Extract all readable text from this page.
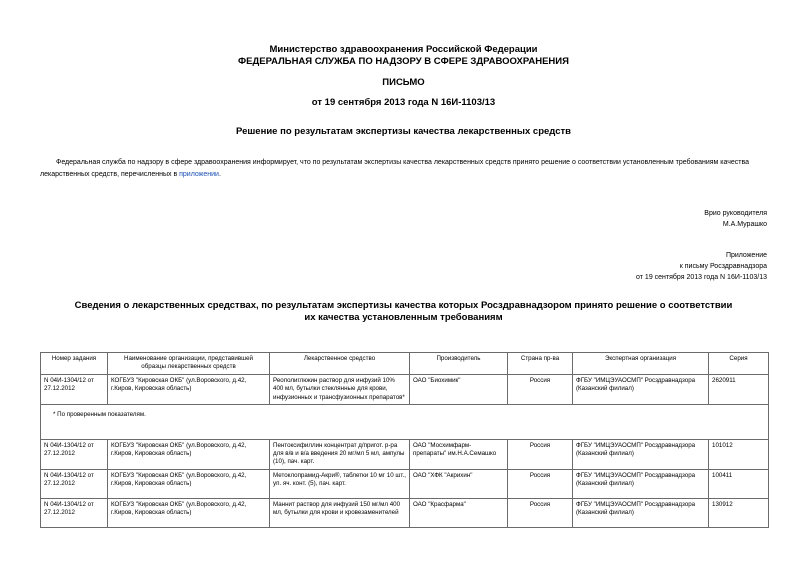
Министерство здравоохранения Российской Федерации
ФЕДЕРАЛЬНАЯ СЛУЖБА ПО НАДЗОРУ В СФЕРЕ ЗДРАВООХРАНЕНИЯ
ПИСЬМО
от 19 сентября 2013 года N 16И-1103/13
Решение по результатам экспертизы качества лекарственных средств
Федеральная служба по надзору в сфере здравоохранения информирует, что по результатам экспертизы качества лекарственных средств принято решение о соответствии установленным требованиям качества лекарственных средств, перечисленных в приложении.
Врио руководителя
М.А.Мурашко
Приложение
к письму Росздравнадзора
от 19 сентября 2013 года N 16И-1103/13
Сведения о лекарственных средствах, по результатам экспертизы качества которых Росздравнадзором принято решение о соответствии их качества установленным требованиям
Номер задания	Наименование организации, представившей образцы лекарственных средств	Лекарственное средство	Производитель	Страна пр-ва	Экспертная организация	Серия
N 04И-1304/12 от 27.12.2012	КОГБУЗ "Кировская ОКБ" (ул.Воровского, д.42, г.Киров, Кировская область)	Реополиглюкин раствор для инфузий 10% 400 мл, бутылки стеклянные для крови, инфузионных и трансфузионных препаратов*	ОАО "Биохимик"	Россия	ФГБУ "ИМЦЭУАОСМП" Росздравнадзора (Казанский филиал)	2620911
* По проверенным показателям.						
N 04И-1304/12 от 27.12.2012	КОГБУЗ "Кировская ОКБ" (ул.Воровского, д.42, г.Киров, Кировская область)	Пентоксифиллин концентрат д/пригот. р-ра для в/в и в/а введения 20 мг/мл 5 мл, ампулы (10), пач. карт.	ОАО "Мосхимфарм-препараты" им.Н.А.Семашко	Россия	ФГБУ "ИМЦЭУАОСМП" Росздравнадзора (Казанский филиал)	101012
N 04И-1304/12 от 27.12.2012	КОГБУЗ "Кировская ОКБ" (ул.Воровского, д.42, г.Киров, Кировская область)	Метоклопрамид-Акри®, таблетки 10 мг 10 шт., уп. яч. конт. (5), пач. карт.	ОАО "ХФК "Акрихин"	Россия	ФГБУ "ИМЦЭУАОСМП" Росздравнадзора (Казанский филиал)	100411
N 04И-1304/12 от 27.12.2012	КОГБУЗ "Кировская ОКБ" (ул.Воровского, д.42, г.Киров, Кировская область)	Маннит раствор для инфузий 150 мг/мл 400 мл, бутылки для крови и кровезаменителей	ОАО "Красфарма"	Россия	ФГБУ "ИМЦЭУАОСМП" Росздравнадзора (Казанский филиал)	130912
